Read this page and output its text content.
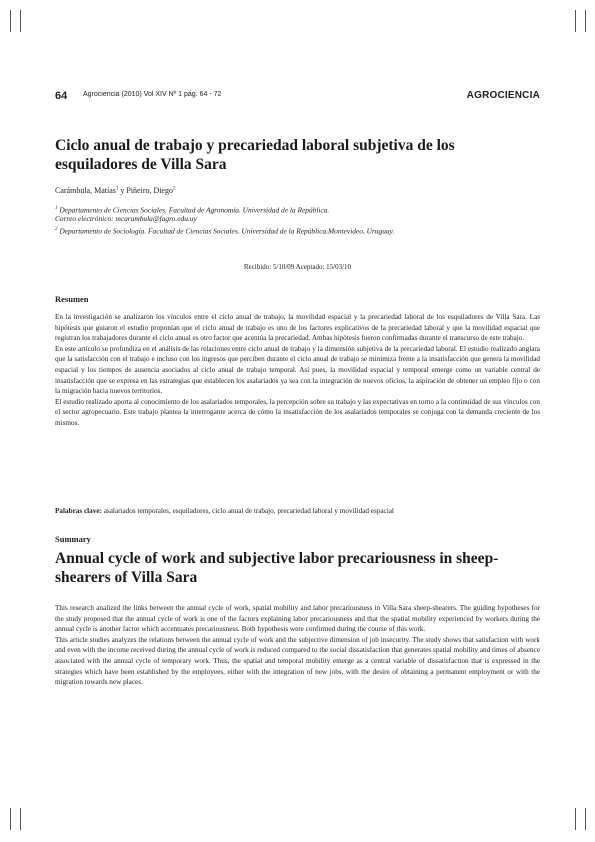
64 Agrociencia (2010) Vol XIV Nº 1 pág. 64 - 72	AGROCIENCIA
Ciclo anual de trabajo y precariedad laboral subjetiva de los esquiladores de Villa Sara
Carámbula, Matías$^1$ y Piñeiro, Diego$^2$
$^1$ Departamento de Ciencias Sociales. Facultad de Agronomía. Universidad de la República.
Correo electrónico: mcarambula@fagro.edu.uy
$^2$ Departamento de Sociología. Facultad de Ciencias Sociales. Universidad de la República.Montevideo, Uruguay.
Recibido: 5/10/09 Aceptado: 15/03/10
Resumen

En la investigación se analizaron los vínculos entre el ciclo anual de trabajo, la movilidad espacial y la precariedad laboral de los esquiladores de Villa Sara. Las hipótesis que guiaron el estudio proponían que el ciclo anual de trabajo es uno de los factores explicativos de la precariedad laboral y que la movilidad espacial que registran los trabajadores durante el ciclo anual es otro factor que acentúa la precariedad. Ambas hipótesis fueron confirmadas durante el transcurso de este trabajo.

En este artículo se profundiza en el análisis de las relaciones entre ciclo anual de trabajo y la dimensión subjetiva de la precariedad laboral. El estudio realizado anglara que la satisfacción con el trabajo e incluso con los ingresos que perciben durante el ciclo anual de trabajo se minimiza frente a la insatisfacción que genera la movilidad espacial y los tiempos de ausencia asociados al ciclo anual de trabajo temporal. Así pues, la movilidad espacial y temporal emerge como un variable central de insatisfacción que se expresa en las estrategias que establecen los asalariados ya sea con la integración de nuevos oficios, la aspiración de obtener un empleo fijo o con la migración hacia nuevos territorios.

El estudio realizado aporta al conocimiento de los asalariados temporales, la percepción sobre su trabajo y las expectativas en torno a la continuidad de sus vínculos con el sector agropecuario. Este trabajo plantea la interrogante acerca de cómo la insatisfacción de los asalariados temporales se conjuga con la demanda creciente de los mismos.

Palabras clave: asalariados temporales, esquiladores, ciclo anual de trabajo, precariedad laboral y movilidad espacial
Summary
Annual cycle of work and subjective labor precariousness in sheep-shearers of Villa Sara

This research analized the links between the annual cycle of work, spatial mobility and labor precariousness in Villa Sara sheep-shearers. The guiding hypotheses for the study proposed that the annual cycle of work is one of the factors explaining labor precariousness and that the spatial mobility experienced by workers during the annual cycle is another factor which accentuates precariousness. Both hypothesis were confirmed during the course of this work.

This article studies analyzes the relations between the annual cycle of work and the subjective dimension of job insecurity. The study shows that satisfaction with work and even with the income received during the annual cycle of work is reduced compared to the social dissatisfaction that generates spatial mobility and times of absence associated with the annual cycle of temporary work. Thus, the spatial and temporal mobility emerge as a central variable of dissatisfaction that is expressed in the strategies which have been established by the employees, either with the integration of new jobs, with the desire of obtaining a permanent employment or with the migration towards new places.
